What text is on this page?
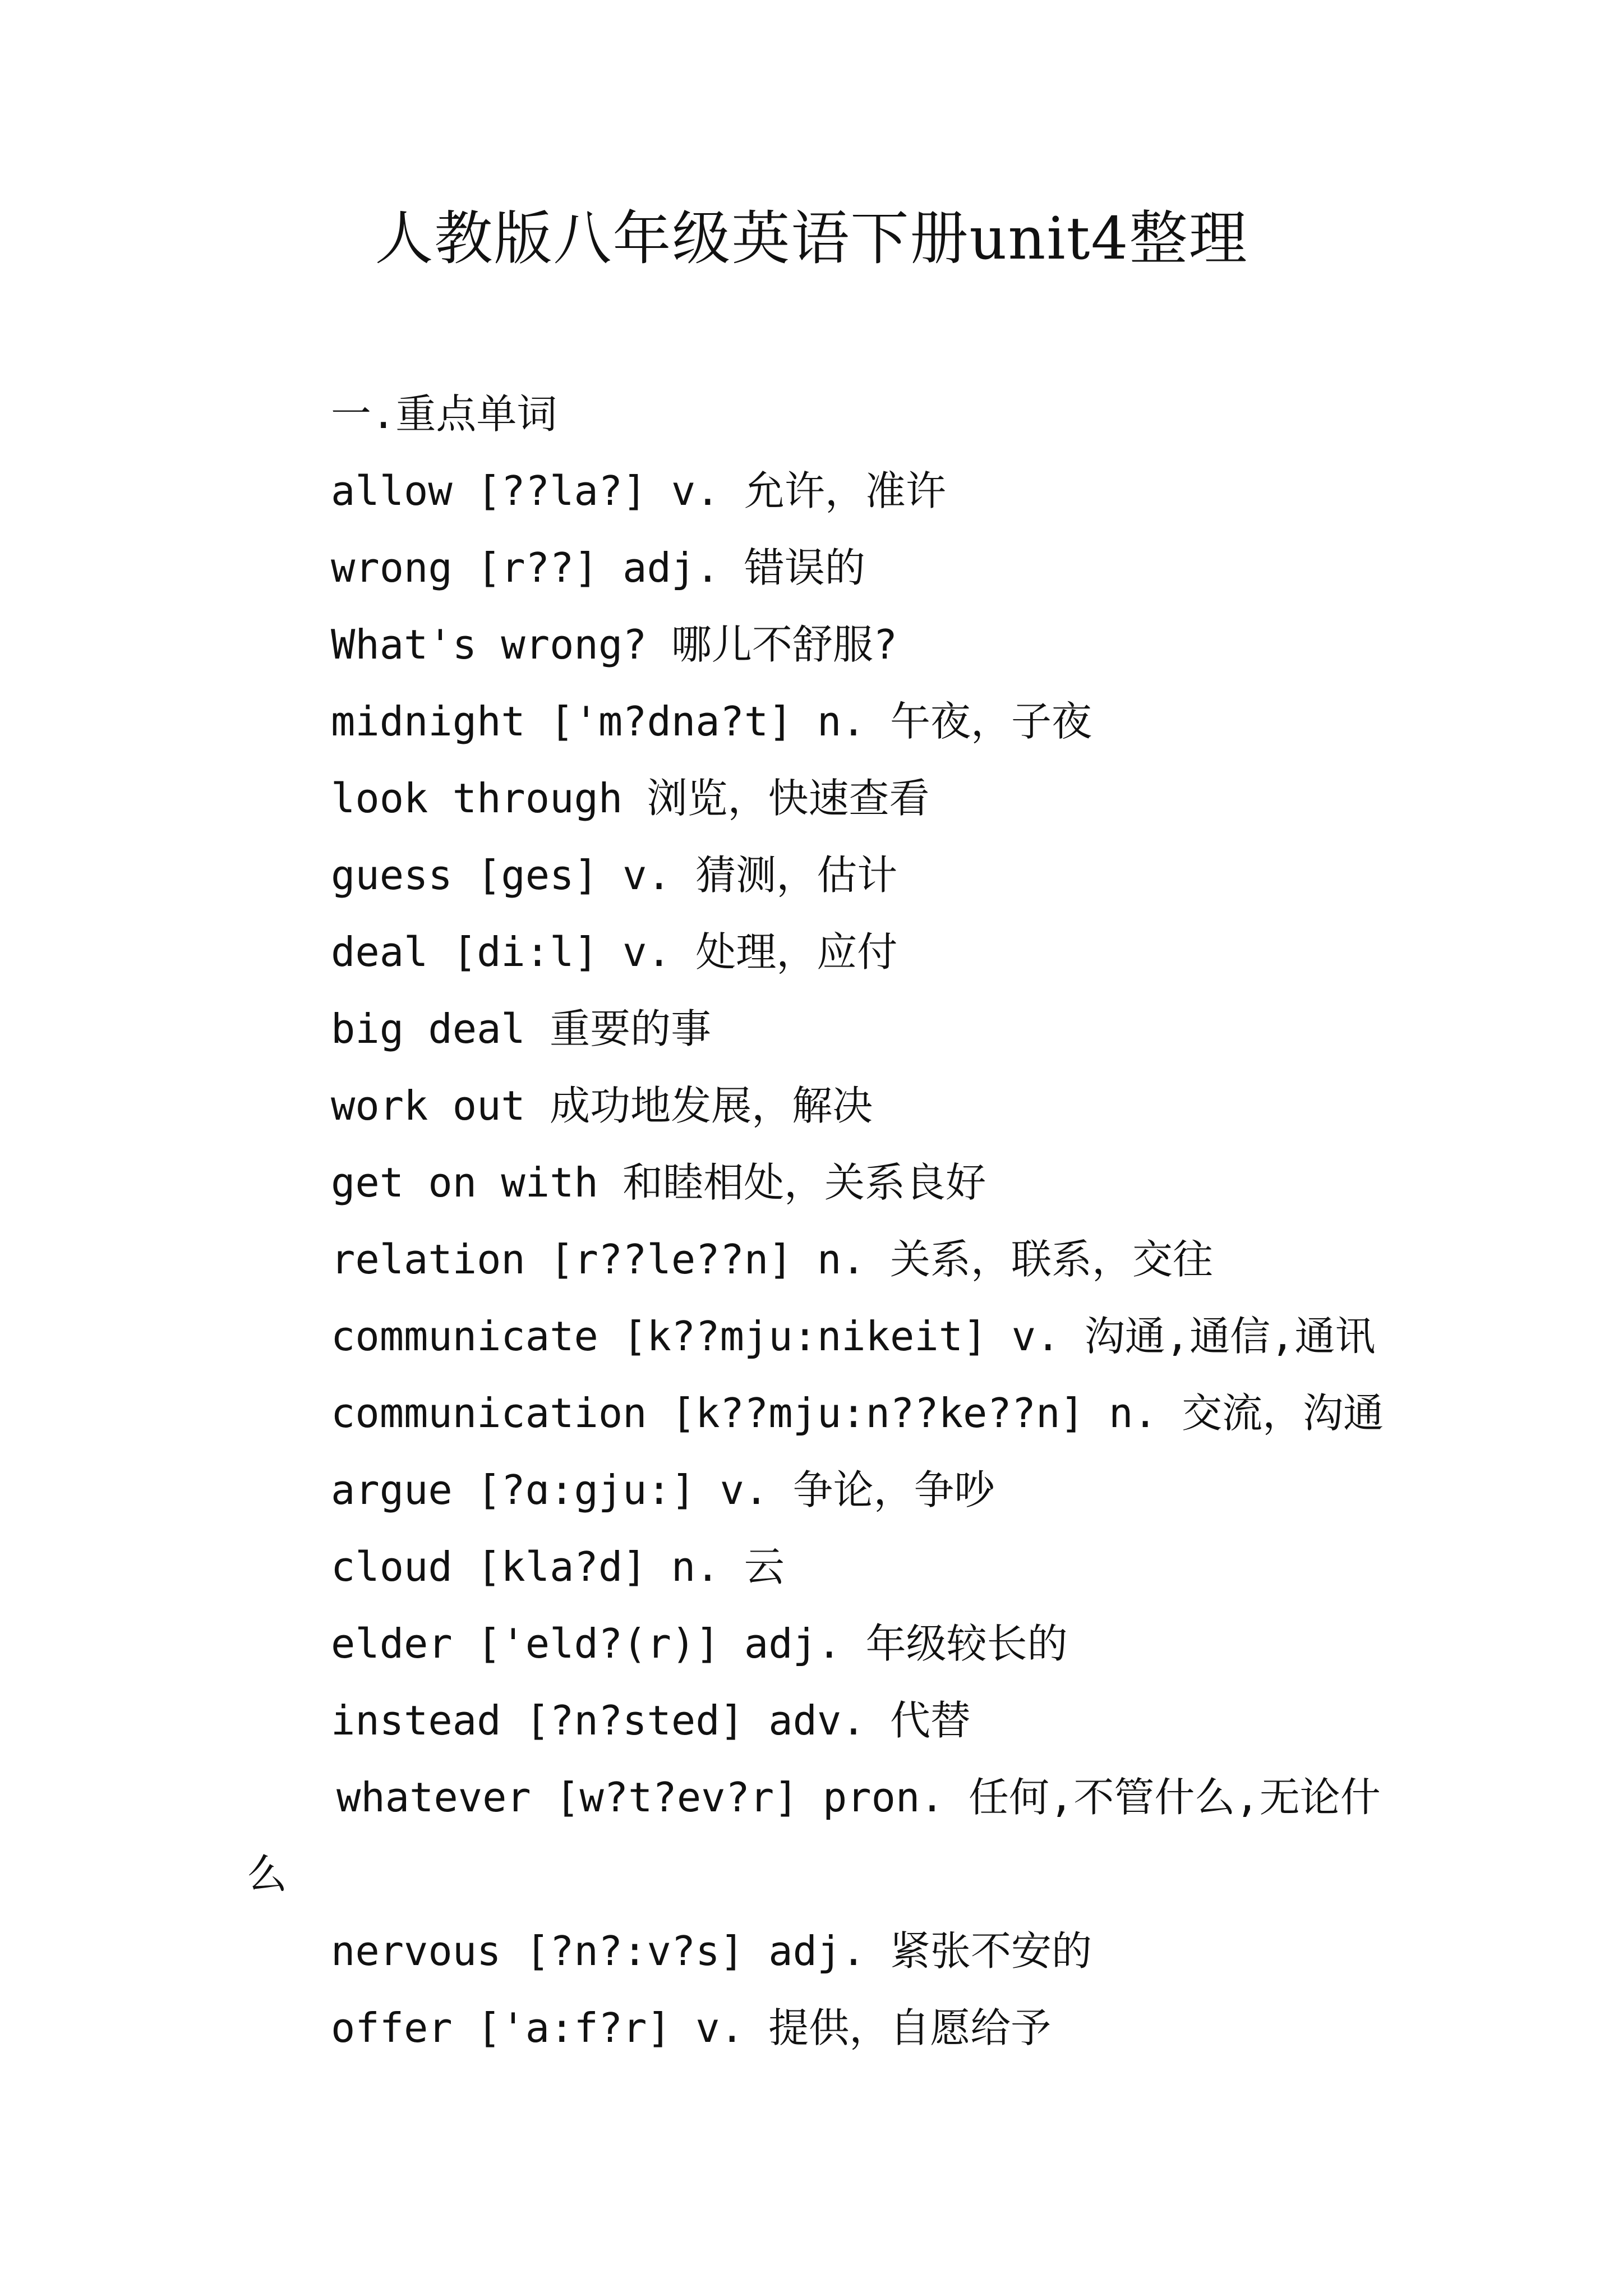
人教版八年级英语下册unit4整理
一.重点单词
allow [??la?] v. 允许，准许
wrong [r??] adj. 错误的
What's wrong? 哪儿不舒服?
midnight ['m?dna?t] n. 午夜，子夜
look through 浏览，快速查看
guess [ges] v. 猜测，估计
deal [di:l] v. 处理，应付
big deal 重要的事
work out 成功地发展，解决
get on with 和睦相处，关系良好
relation [r??le??n] n. 关系，联系，交往
communicate [k??mju:nikeit] v. 沟通,通信,通讯
communication [k??mju:n??ke??n] n. 交流，沟通
argue [?ɑ:gju:] v. 争论，争吵
cloud [kla?d] n. 云
elder ['eld?(r)] adj. 年级较长的
instead [?n?sted] adv. 代替
whatever [w?t?ev?r] pron. 任何,不管什么,无论什么
nervous [?n?:v?s] adj. 紧张不安的
offer ['a:f?r] v. 提供，自愿给予
